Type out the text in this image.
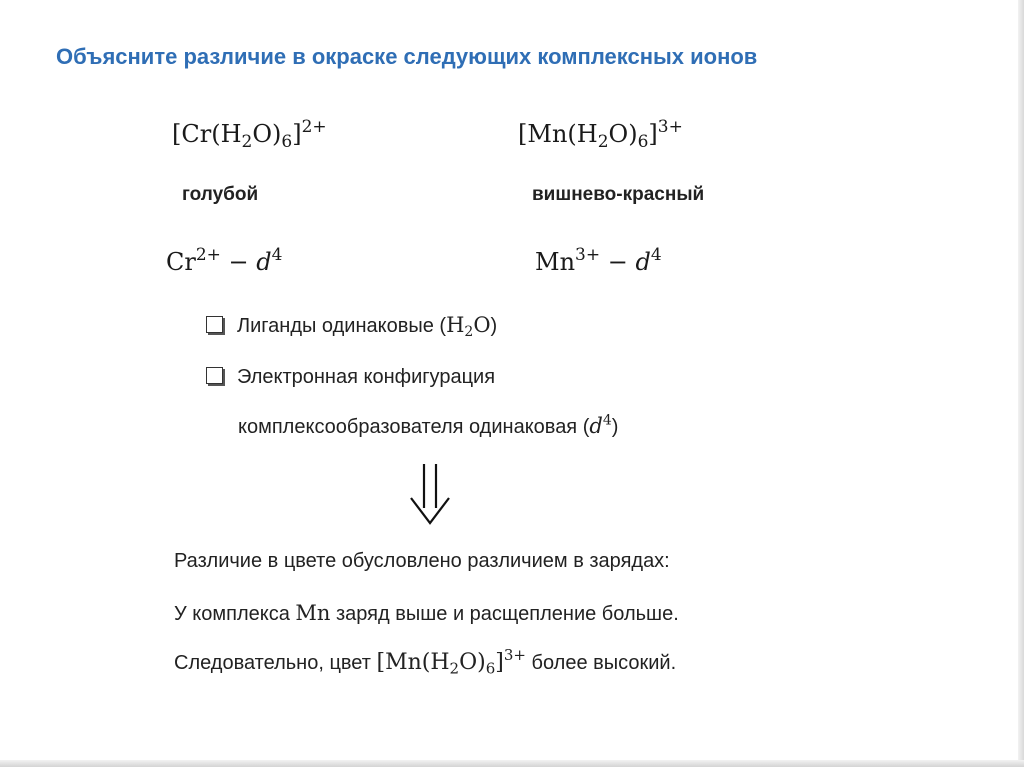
Объясните различие в окраске следующих комплексных ионов
$[Cr(H_2O)_6]^{2+}$	$[Mn(H_2O)_6]^{3+}$
голубой	вишнево-красный
$Cr^{2+} - d^4$	$Mn^{3+} - d^4$
Лиганды одинаковые $(H_2O)$
Электронная конфигурация
комплексообразователя одинаковая $(d^4)$
Различие в цвете обусловлено различием в зарядах:
У комплекса Mn заряд выше и расщепление больше.
Следовательно, цвет $[Mn(H_2O)_6]^{3+}$ более высокий.
